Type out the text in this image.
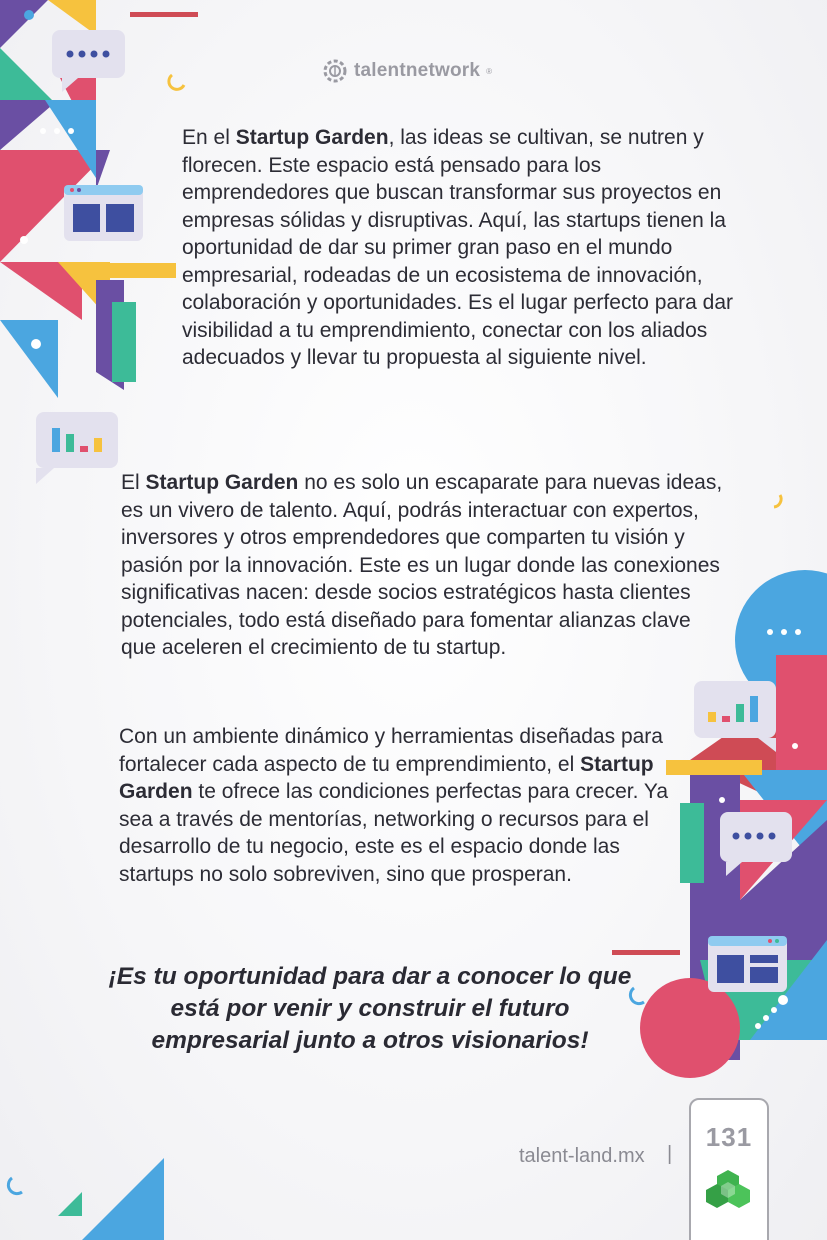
talentnetwork ®

En el Startup Garden, las ideas se cultivan, se nutren y florecen. Este espacio está pensado para los emprendedores que buscan transformar sus proyectos en empresas sólidas y disruptivas. Aquí, las startups tienen la oportunidad de dar su primer gran paso en el mundo empresarial, rodeadas de un ecosistema de innovación, colaboración y oportunidades. Es el lugar perfecto para dar visibilidad a tu emprendimiento, conectar con los aliados adecuados y llevar tu propuesta al siguiente nivel.

El Startup Garden no es solo un escaparate para nuevas ideas, es un vivero de talento. Aquí, podrás interactuar con expertos, inversores y otros emprendedores que comparten tu visión y pasión por la innovación. Este es un lugar donde las conexiones significativas nacen: desde socios estratégicos hasta clientes potenciales, todo está diseñado para fomentar alianzas clave que aceleren el crecimiento de tu startup.

Con un ambiente dinámico y herramientas diseñadas para fortalecer cada aspecto de tu emprendimiento, el Startup Garden te ofrece las condiciones perfectas para crecer. Ya sea a través de mentorías, networking o recursos para el desarrollo de tu negocio, este es el espacio donde las startups no solo sobreviven, sino que prosperan.

¡Es tu oportunidad para dar a conocer lo que está por venir y construir el futuro empresarial junto a otros visionarios!

talent-land.mx |
131
